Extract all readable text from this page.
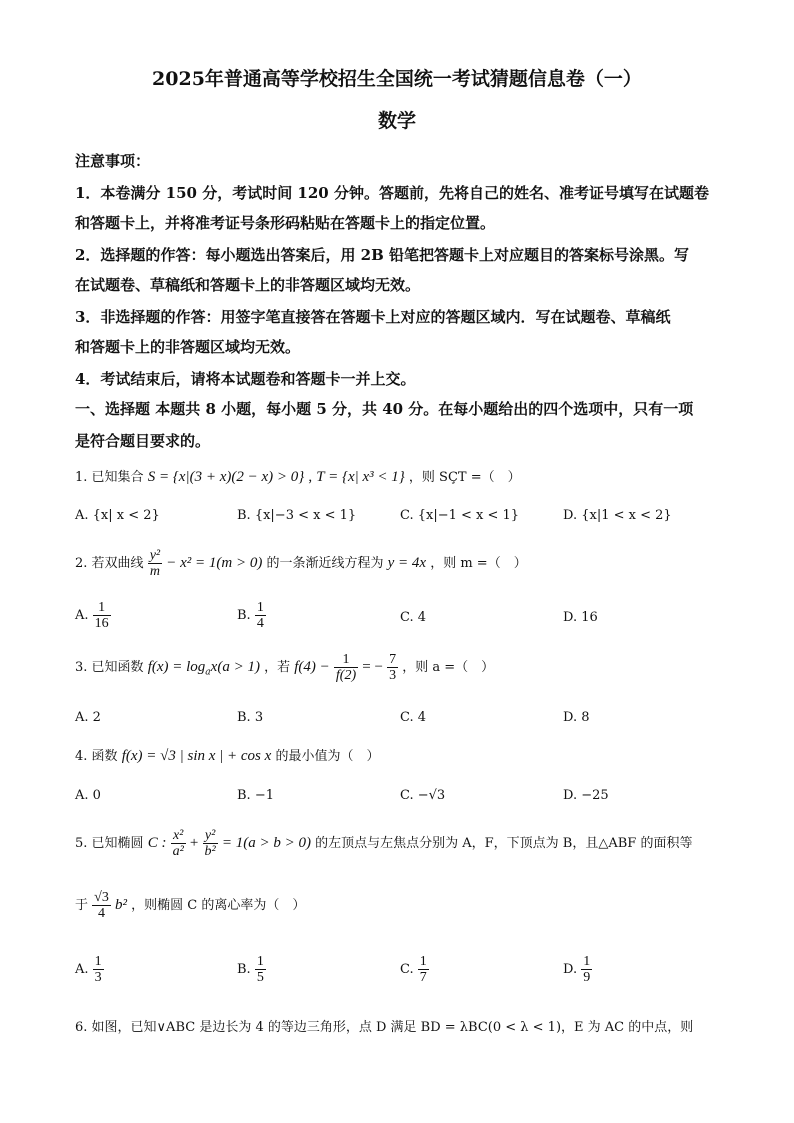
2025年普通高等学校招生全国统一考试猜题信息卷（一）
数学
注意事项：
1．本卷满分 150 分，考试时间 120 分钟。答题前，先将自己的姓名、准考证号填写在试题卷
和答题卡上，并将准考证号条形码粘贴在答题卡上的指定位置。
2．选择题的作答：每小题选出答案后，用 2B 铅笔把答题卡上对应题目的答案标号涂黑。写
在试题卷、草稿纸和答题卡上的非答题区域均无效。
3．非选择题的作答：用签字笔直接答在答题卡上对应的答题区域内．写在试题卷、草稿纸
和答题卡上的非答题区域均无效。
4．考试结束后，请将本试题卷和答题卡一并上交。
一、选择题 本题共 8 小题，每小题 5 分，共 40 分。在每小题给出的四个选项中，只有一项
是符合题目要求的。
1. 已知集合 S = {x|(3 + x)(2 − x) > 0} , T = {x| x³ < 1} ，则 SÇT =（　）
A. {x| x < 2}	B. {x|−3 < x < 1}	C. {x|−1 < x < 1}	D. {x|1 < x < 2}
2. 若双曲线 $\frac{\text{y²}}{m} - x^2 = 1(m > 0)$ 的一条渐近线方程为 y = 4x ，则 m =（　）
A. $\frac{1}{16}$	B. $\frac{1}{4}$	C. 4	D. 16
3. 已知函数 $f(x) = \log_ax(a > 1)$ ，若 $f(4) - \frac{1}{f(2)}$ = − $\frac{7}{3}$ ，则 a =（　）
A. 2	B. 3	C. 4	D. 8
4. 函数 f(x) = √3 | sin x | + cos x 的最小值为（　）
A. 0	B. −1	C. −√3	D. −25
5. 已知椭圆 C : $\frac{\text{x²}}{\text{a²}} + \frac{\text{y²}}{\text{b²}} = 1(a > b > 0)$ 的左顶点与左焦点分别为 A，F，下顶点为 B，且△ABF 的面积等
于 $\frac{√3}{4} b^2$ ，则椭圆 C 的离心率为（　）
A. $\frac{1}{3}$	B. $\frac{1}{5}$	C. $\frac{1}{7}$	D. $\frac{1}{9}$
6. 如图，已知∨ABC 是边长为 4 的等边三角形，点 D 满足 BD = λBC(0 < λ < 1)，E 为 AC 的中点，则
